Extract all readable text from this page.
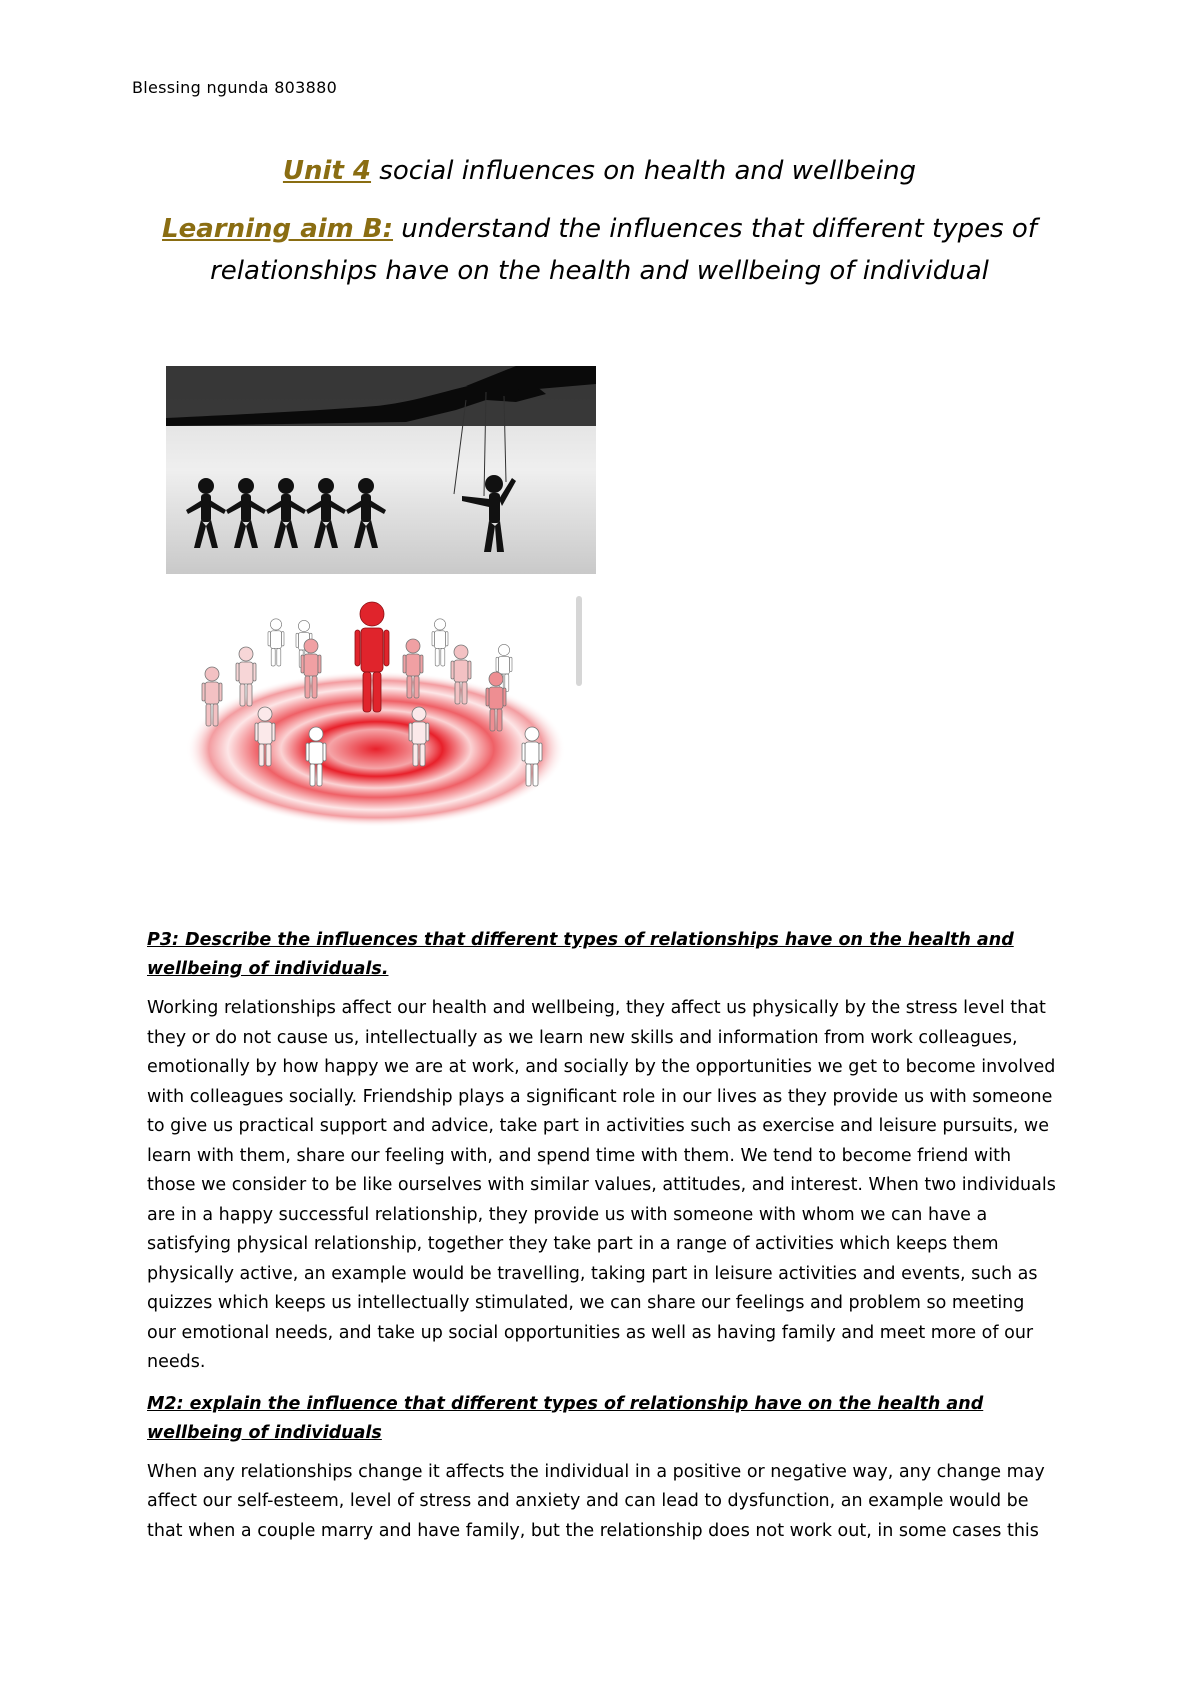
Blessing ngunda 803880

Unit 4 social influences on health and wellbeing

Learning aim B: understand the influences that different types of relationships have on the health and wellbeing of individual

P3: Describe the influences that different types of relationships have on the health and wellbeing of individuals.

Working relationships affect our health and wellbeing, they affect us physically by the stress level that they or do not cause us, intellectually as we learn new skills and information from work colleagues, emotionally by how happy we are at work, and socially by the opportunities we get to become involved with colleagues socially. Friendship plays a significant role in our lives as they provide us with someone to give us practical support and advice, take part in activities such as exercise and leisure pursuits, we learn with them, share our feeling with, and spend time with them. We tend to become friend with those we consider to be like ourselves with similar values, attitudes, and interest. When two individuals are in a happy successful relationship, they provide us with someone with whom we can have a satisfying physical relationship, together they take part in a range of activities which keeps them physically active, an example would be travelling, taking part in leisure activities and events, such as quizzes which keeps us intellectually stimulated, we can share our feelings and problem so meeting our emotional needs, and take up social opportunities as well as having family and meet more of our needs.

M2: explain the influence that different types of relationship have on the health and wellbeing of individuals

When any relationships change it affects the individual in a positive or negative way, any change may affect our self-esteem, level of stress and anxiety and can lead to dysfunction, an example would be that when a couple marry and have family, but the relationship does not work out, in some cases this
